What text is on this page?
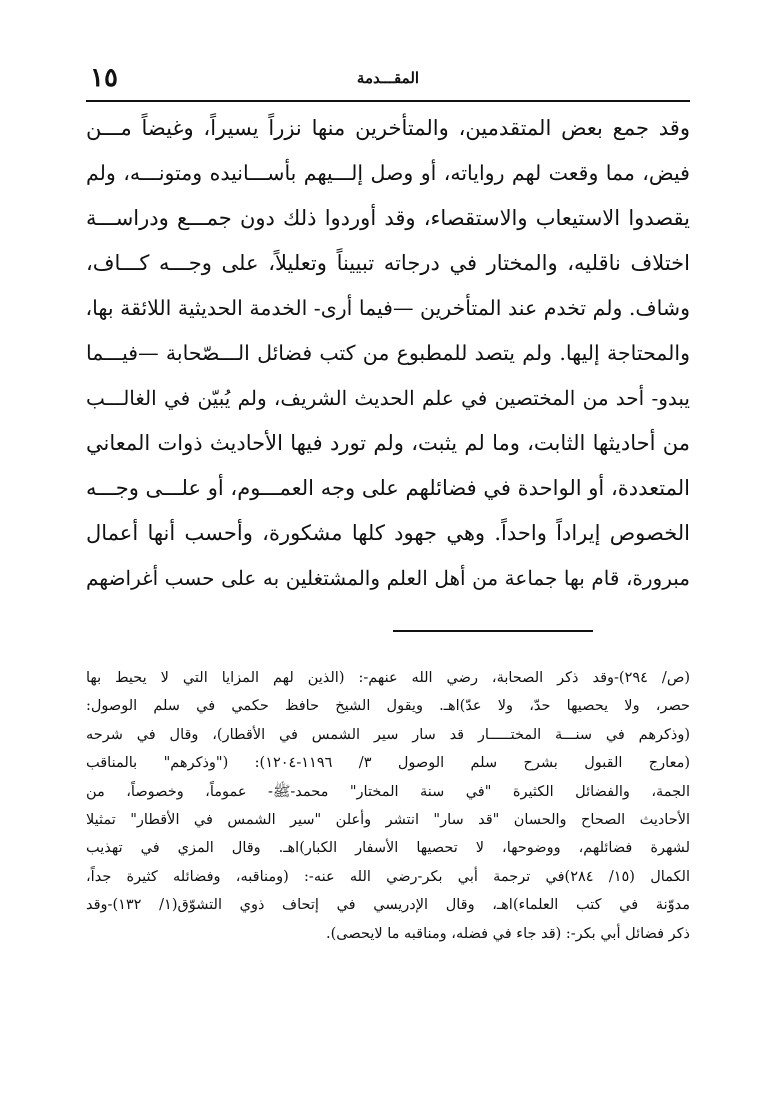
١٥	المقـــدمة
وقد جمع بعض المتقدمين، والمتأخرين منها نزراً يسيراً، وغيضاً مـــن
فيض، مما وقعت لهم رواياته، أو وصل إلـــيهم بأســـانيده ومتونـــه، ولم
يقصدوا الاستيعاب والاستقصاء، وقد أوردوا ذلك دون جمـــع ودراســـة
اختلاف ناقليه، والمختار في درجاته تبييناً وتعليلاً، على وجـــه كـــاف،
وشاف. ولم تخدم عند المتأخرين —فيما أرى- الخدمة الحديثية اللائقة بها،
والمحتاجة إليها. ولم يتصد للمطبوع من كتب فضائل الـــصّحابة —فيـــما
يبدو- أحد من المختصين في علم الحديث الشريف، ولم يُبيّن في الغالـــب
من أحاديثها الثابت، وما لم يثبت، ولم تورد فيها الأحاديث ذوات المعاني
المتعددة، أو الواحدة في فضائلهم على وجه العمـــوم، أو علـــى وجـــه
الخصوص إيراداً واحداً. وهي جهود كلها مشكورة، وأحسب أنها أعمال
مبرورة، قام بها جماعة من أهل العلم والمشتغلين به على حسب أغراضهم
(ص/ ٢٩٤)-وقد ذكر الصحابة، رضي الله عنهم-: (الذين لهم المزايا التي لا يحيط بها
حصر، ولا يحصيها حدّ، ولا عدّ)اهـ. ويقول الشيخ حافظ حكمي في سلم الوصول:
(وذكرهم في سنـــة المختـــــار قد سار سير الشمس في الأقطار)، وقال في شرحه
(معارج القبول بشرح سلم الوصول ٣/ ١١٩٦-١٢٠٤): ("وذكرهم" بالمناقب
الجمة، والفضائل الكثيرة "في سنة المختار" محمد-ﷺ- عموماً، وخصوصاً، من
الأحاديث الصحاح والحسان "قد سار" انتشر وأعلن "سير الشمس في الأقطار" تمثيلا
لشهرة فضائلهم، ووضوحها، لا تحصيها الأسفار الكبار)اهـ. وقال المزي في تهذيب
الكمال (١٥/ ٢٨٤)في ترجمة أبي بكر-رضي الله عنه-: (ومناقبه، وفضائله كثيرة جداً،
مدوّنة في كتب العلماء)اهـ، وقال الإدريسي في إتحاف ذوي التشوّق(١/ ١٣٢)-وقد
ذكر فضائل أبي بكر-: (قد جاء في فضله، ومناقبه ما لايحصى).
